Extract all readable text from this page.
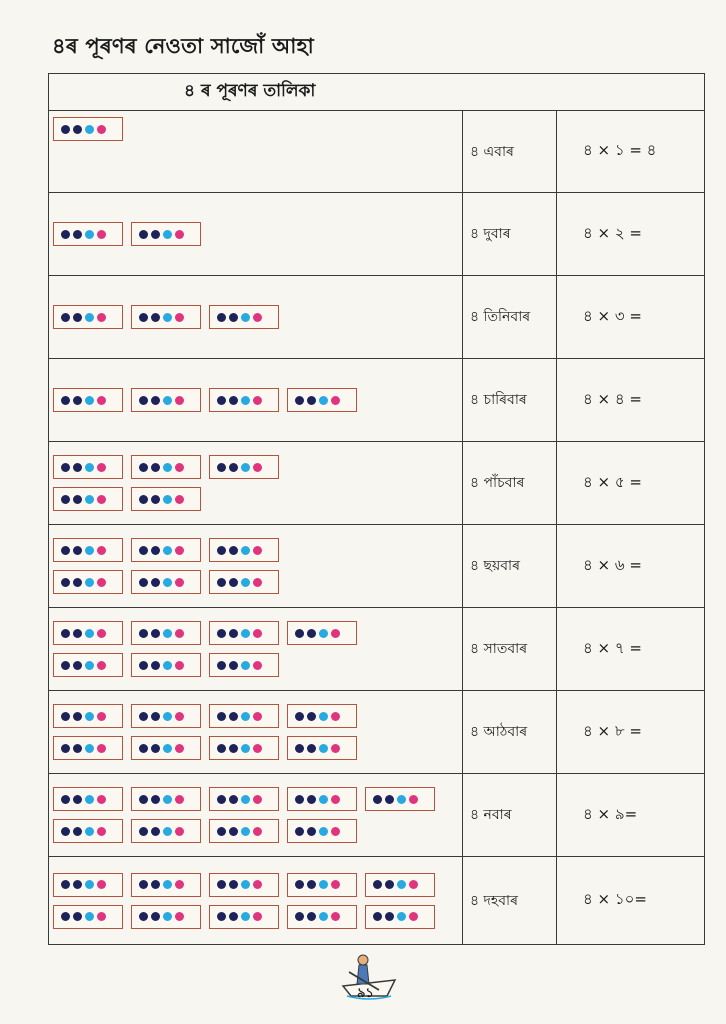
৪ৰ পূৰণৰ নেওতা সাজোঁ আহা
৪ ৰ পূৰণৰ তালিকা		

	৪ এবাৰ	৪ × ১ = ৪

	৪ দুবাৰ	৪ × ২ =

	৪ তিনিবাৰ	৪ × ৩ =

	৪ চাৰিবাৰ	৪ × ৪ =

	৪ পাঁচবাৰ	৪ × ৫ =

	৪ ছয়বাৰ	৪ × ৬ =

	৪ সাতবাৰ	৪ × ৭ =

	৪ আঠবাৰ	৪ × ৮ =

	৪ নবাৰ	৪ × ৯=

	৪ দহবাৰ	৪ × ১০=
৯১
